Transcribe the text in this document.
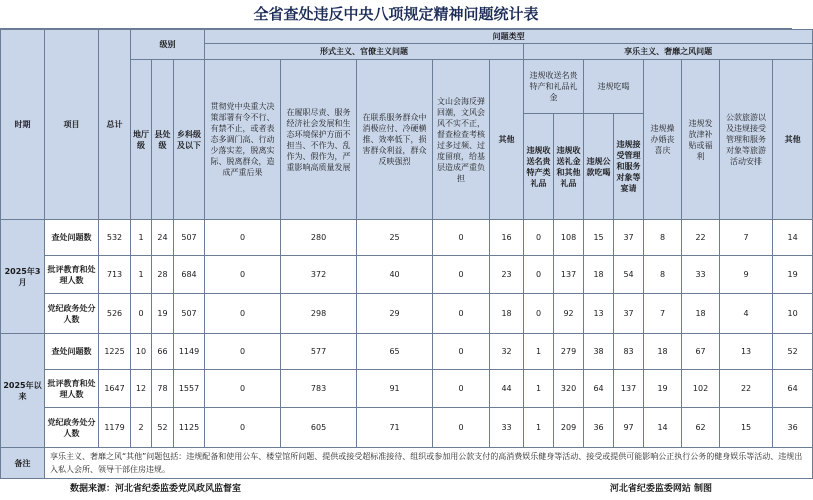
全省查处违反中央八项规定精神问题统计表
时期	项目	总计	级别			问题类型												
						形式主义、官僚主义问题					享乐主义、奢靡之风问题							
			地厅级	县处级	乡科级及以下	贯彻党中央重大决策部署有令不行、有禁不止，或者表态多调门高、行动少落实差，脱离实际、脱离群众，造成严重后果	在履职尽责、服务经济社会发展和生态环境保护方面不担当、不作为、乱作为、假作为，严重影响高质量发展	在联系服务群众中消极应付、冷硬横推、效率低下，损害群众利益，群众反映强烈	文山会海反弹回潮，文风会风不实不正，督查检查考核过多过频、过度留痕，给基层造成严重负担	其他	违规收送名贵特产和礼品礼金		违规吃喝		违规操办婚丧喜庆	违规发放津补贴或福利	公款旅游以及违规接受管理和服务对象等旅游活动安排	其他
											违规收送名贵特产类礼品	违规收送礼金和其他礼品	违规公款吃喝	违规接受管理和服务对象等宴请				
2025年3月	查处问题数	532	1	24	507	0	280	25	0	16	0	108	15	37	8	22	7	14
	批评教育和处理人数	713	1	28	684	0	372	40	0	23	0	137	18	54	8	33	9	19
	党纪政务处分人数	526	0	19	507	0	298	29	0	18	0	92	13	37	7	18	4	10
2025年以来	查处问题数	1225	10	66	1149	0	577	65	0	32	1	279	38	83	18	67	13	52
	批评教育和处理人数	1647	12	78	1557	0	783	91	0	44	1	320	64	137	19	102	22	64
	党纪政务处分人数	1179	2	52	1125	0	605	71	0	33	1	209	36	97	14	62	15	36
备注	享乐主义、奢靡之风“其他”问题包括：违规配备和使用公车、楼堂馆所问题、提供或接受超标准接待、组织或参加用公款支付的高消费娱乐健身等活动、接受或提供可能影响公正执行公务的健身娱乐等活动、违规出入私人会所、领导干部住房违规。																	
数据来源：河北省纪委监委党风政风监督室	河北省纪委监委网站 制图
